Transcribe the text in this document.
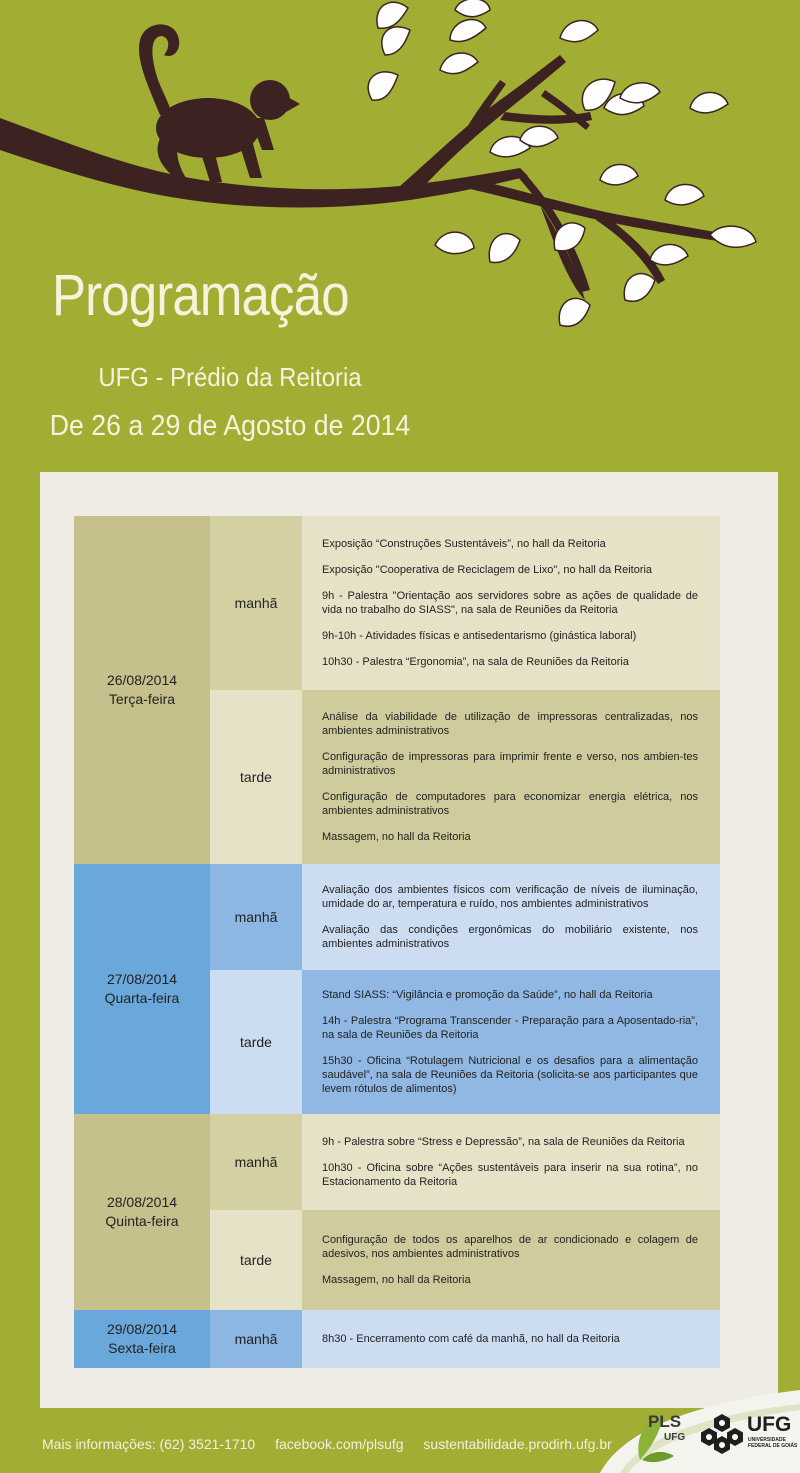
Programação
UFG - Prédio da Reitoria
De 26 a 29 de Agosto de 2014
26/08/2014
Terça-feira
manhã
Exposição “Construções Sustentáveis”, no hall da Reitoria
Exposição "Cooperativa de Reciclagem de Lixo", no hall da Reitoria
9h - Palestra "Orientação aos servidores sobre as ações de qualidade de vida no trabalho do SIASS", na sala de Reuniões da Reitoria
9h-10h - Atividades físicas e antisedentarismo (ginástica laboral)
10h30 - Palestra “Ergonomia”, na sala de Reuniões da Reitoria
tarde
Análise da viabilidade de utilização de impressoras centralizadas, nos ambientes administrativos
Configuração de impressoras para imprimir frente e verso, nos ambien-tes administrativos
Configuração de computadores para economizar energia elétrica, nos ambientes administrativos
Massagem, no hall da Reitoria
27/08/2014
Quarta-feira
manhã
Avaliação dos ambientes físicos com verificação de níveis de iluminação, umidade do ar, temperatura e ruído, nos ambientes administrativos
Avaliação das condições ergonômicas do mobiliário existente, nos ambientes administrativos
tarde
Stand SIASS: “Vigilância e promoção da Saúde”, no hall da Reitoria
14h - Palestra “Programa Transcender - Preparação para a Aposentado-ria”, na sala de Reuniões da Reitoria
15h30 - Oficina “Rotulagem Nutricional e os desafios para a alimentação saudável”, na sala de Reuniões da Reitoria (solicita-se aos participantes que levem rótulos de alimentos)
28/08/2014
Quinta-feira
manhã
9h - Palestra sobre “Stress e Depressão”, na sala de Reuniões da Reitoria
10h30 - Oficina sobre “Ações sustentáveis para inserir na sua rotina”, no Estacionamento da Reitoria
tarde
Configuração de todos os aparelhos de ar condicionado e colagem de adesivos, nos ambientes administrativos
Massagem, no hall da Reitoria
29/08/2014
Sexta-feira
manhã	8h30 - Encerramento com café da manhã, no hall da Reitoria
Mais informações: (62) 3521-1710 facebook.com/plsufg sustentabilidade.prodirh.ufg.br
PLS
UFG
UFG
UNIVERSIDADE FEDERAL DE GOIÁS
